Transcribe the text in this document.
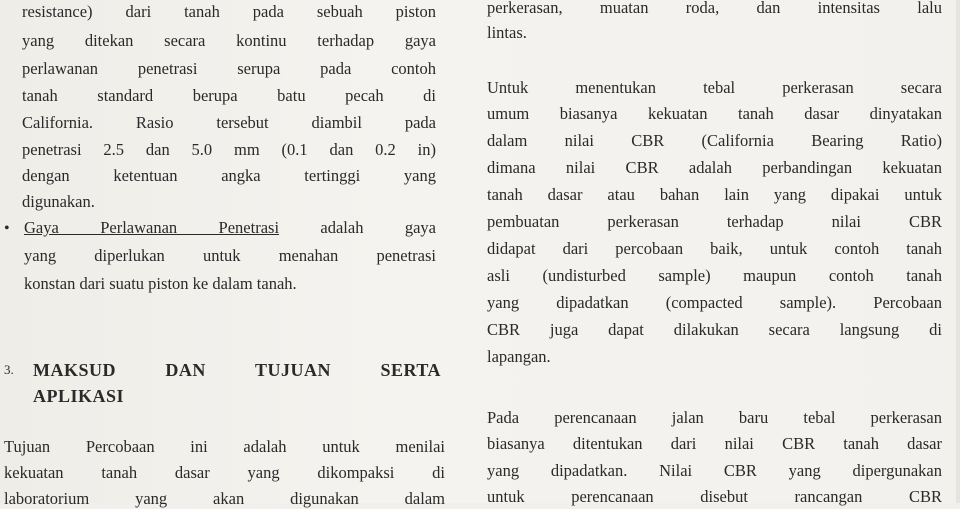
resistance) dari tanah pada sebuah piston
yang ditekan secara kontinu terhadap gaya
perlawanan penetrasi serupa pada contoh
tanah standard berupa batu pecah di
California. Rasio tersebut diambil pada
penetrasi 2.5 dan 5.0 mm (0.1 dan 0.2 in)
dengan ketentuan angka tertinggi yang
digunakan.
• Gaya Perlawanan Penetrasi adalah gaya
yang diperlukan untuk menahan penetrasi
konstan dari suatu piston ke dalam tanah.
3. MAKSUD DAN TUJUAN SERTA
APLIKASI
Tujuan Percobaan ini adalah untuk menilai
kekuatan tanah dasar yang dikompaksi di
laboratorium yang akan digunakan dalam
perkerasan, muatan roda, dan intensitas lalu
lintas.
Untuk menentukan tebal perkerasan secara
umum biasanya kekuatan tanah dasar dinyatakan
dalam nilai CBR (California Bearing Ratio)
dimana nilai CBR adalah perbandingan kekuatan
tanah dasar atau bahan lain yang dipakai untuk
pembuatan perkerasan terhadap nilai CBR
didapat dari percobaan baik, untuk contoh tanah
asli (undisturbed sample) maupun contoh tanah
yang dipadatkan (compacted sample). Percobaan
CBR juga dapat dilakukan secara langsung di
lapangan.
Pada perencanaan jalan baru tebal perkerasan
biasanya ditentukan dari nilai CBR tanah dasar
yang dipadatkan. Nilai CBR yang dipergunakan
untuk perencanaan disebut rancangan CBR
